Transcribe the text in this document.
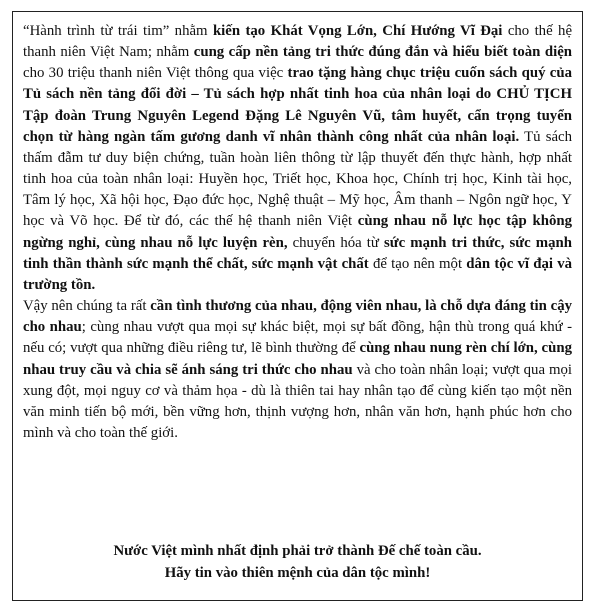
“Hành trình từ trái tim” nhằm kiến tạo Khát Vọng Lớn, Chí Hướng Vĩ Đại cho thế hệ thanh niên Việt Nam; nhằm cung cấp nền tảng tri thức đúng đắn và hiểu biết toàn diện cho 30 triệu thanh niên Việt thông qua việc trao tặng hàng chục triệu cuốn sách quý của Tủ sách nền tảng đổi đời – Tủ sách hợp nhất tinh hoa của nhân loại do CHỦ TỊCH Tập đoàn Trung Nguyên Legend Đặng Lê Nguyên Vũ, tâm huyết, cẩn trọng tuyển chọn từ hàng ngàn tấm gương danh vĩ nhân thành công nhất của nhân loại. Tủ sách thấm đẫm tư duy biện chứng, tuần hoàn liên thông từ lập thuyết đến thực hành, hợp nhất tinh hoa của toàn nhân loại: Huyền học, Triết học, Khoa học, Chính trị học, Kinh tài học, Tâm lý học, Xã hội học, Đạo đức học, Nghệ thuật – Mỹ học, Âm thanh – Ngôn ngữ học, Y học và Võ học. Để từ đó, các thế hệ thanh niên Việt cùng nhau nỗ lực học tập không ngừng nghỉ, cùng nhau nỗ lực luyện rèn, chuyển hóa từ sức mạnh tri thức, sức mạnh tinh thần thành sức mạnh thể chất, sức mạnh vật chất để tạo nên một dân tộc vĩ đại và trường tồn.

Vậy nên chúng ta rất cần tình thương của nhau, động viên nhau, là chỗ dựa đáng tin cậy cho nhau; cùng nhau vượt qua mọi sự khác biệt, mọi sự bất đồng, hận thù trong quá khứ - nếu có; vượt qua những điều riêng tư, lẽ bình thường để cùng nhau nung rèn chí lớn, cùng nhau truy cầu và chia sẽ ánh sáng tri thức cho nhau và cho toàn nhân loại; vượt qua mọi xung đột, mọi nguy cơ và thảm họa - dù là thiên tai hay nhân tạo để cùng kiến tạo một nền văn minh tiến bộ mới, bền vững hơn, thịnh vượng hơn, nhân văn hơn, hạnh phúc hơn cho mình và cho toàn thế giới.

Nước Việt mình nhất định phải trở thành Đế chế toàn cầu.
Hãy tin vào thiên mệnh của dân tộc mình!
